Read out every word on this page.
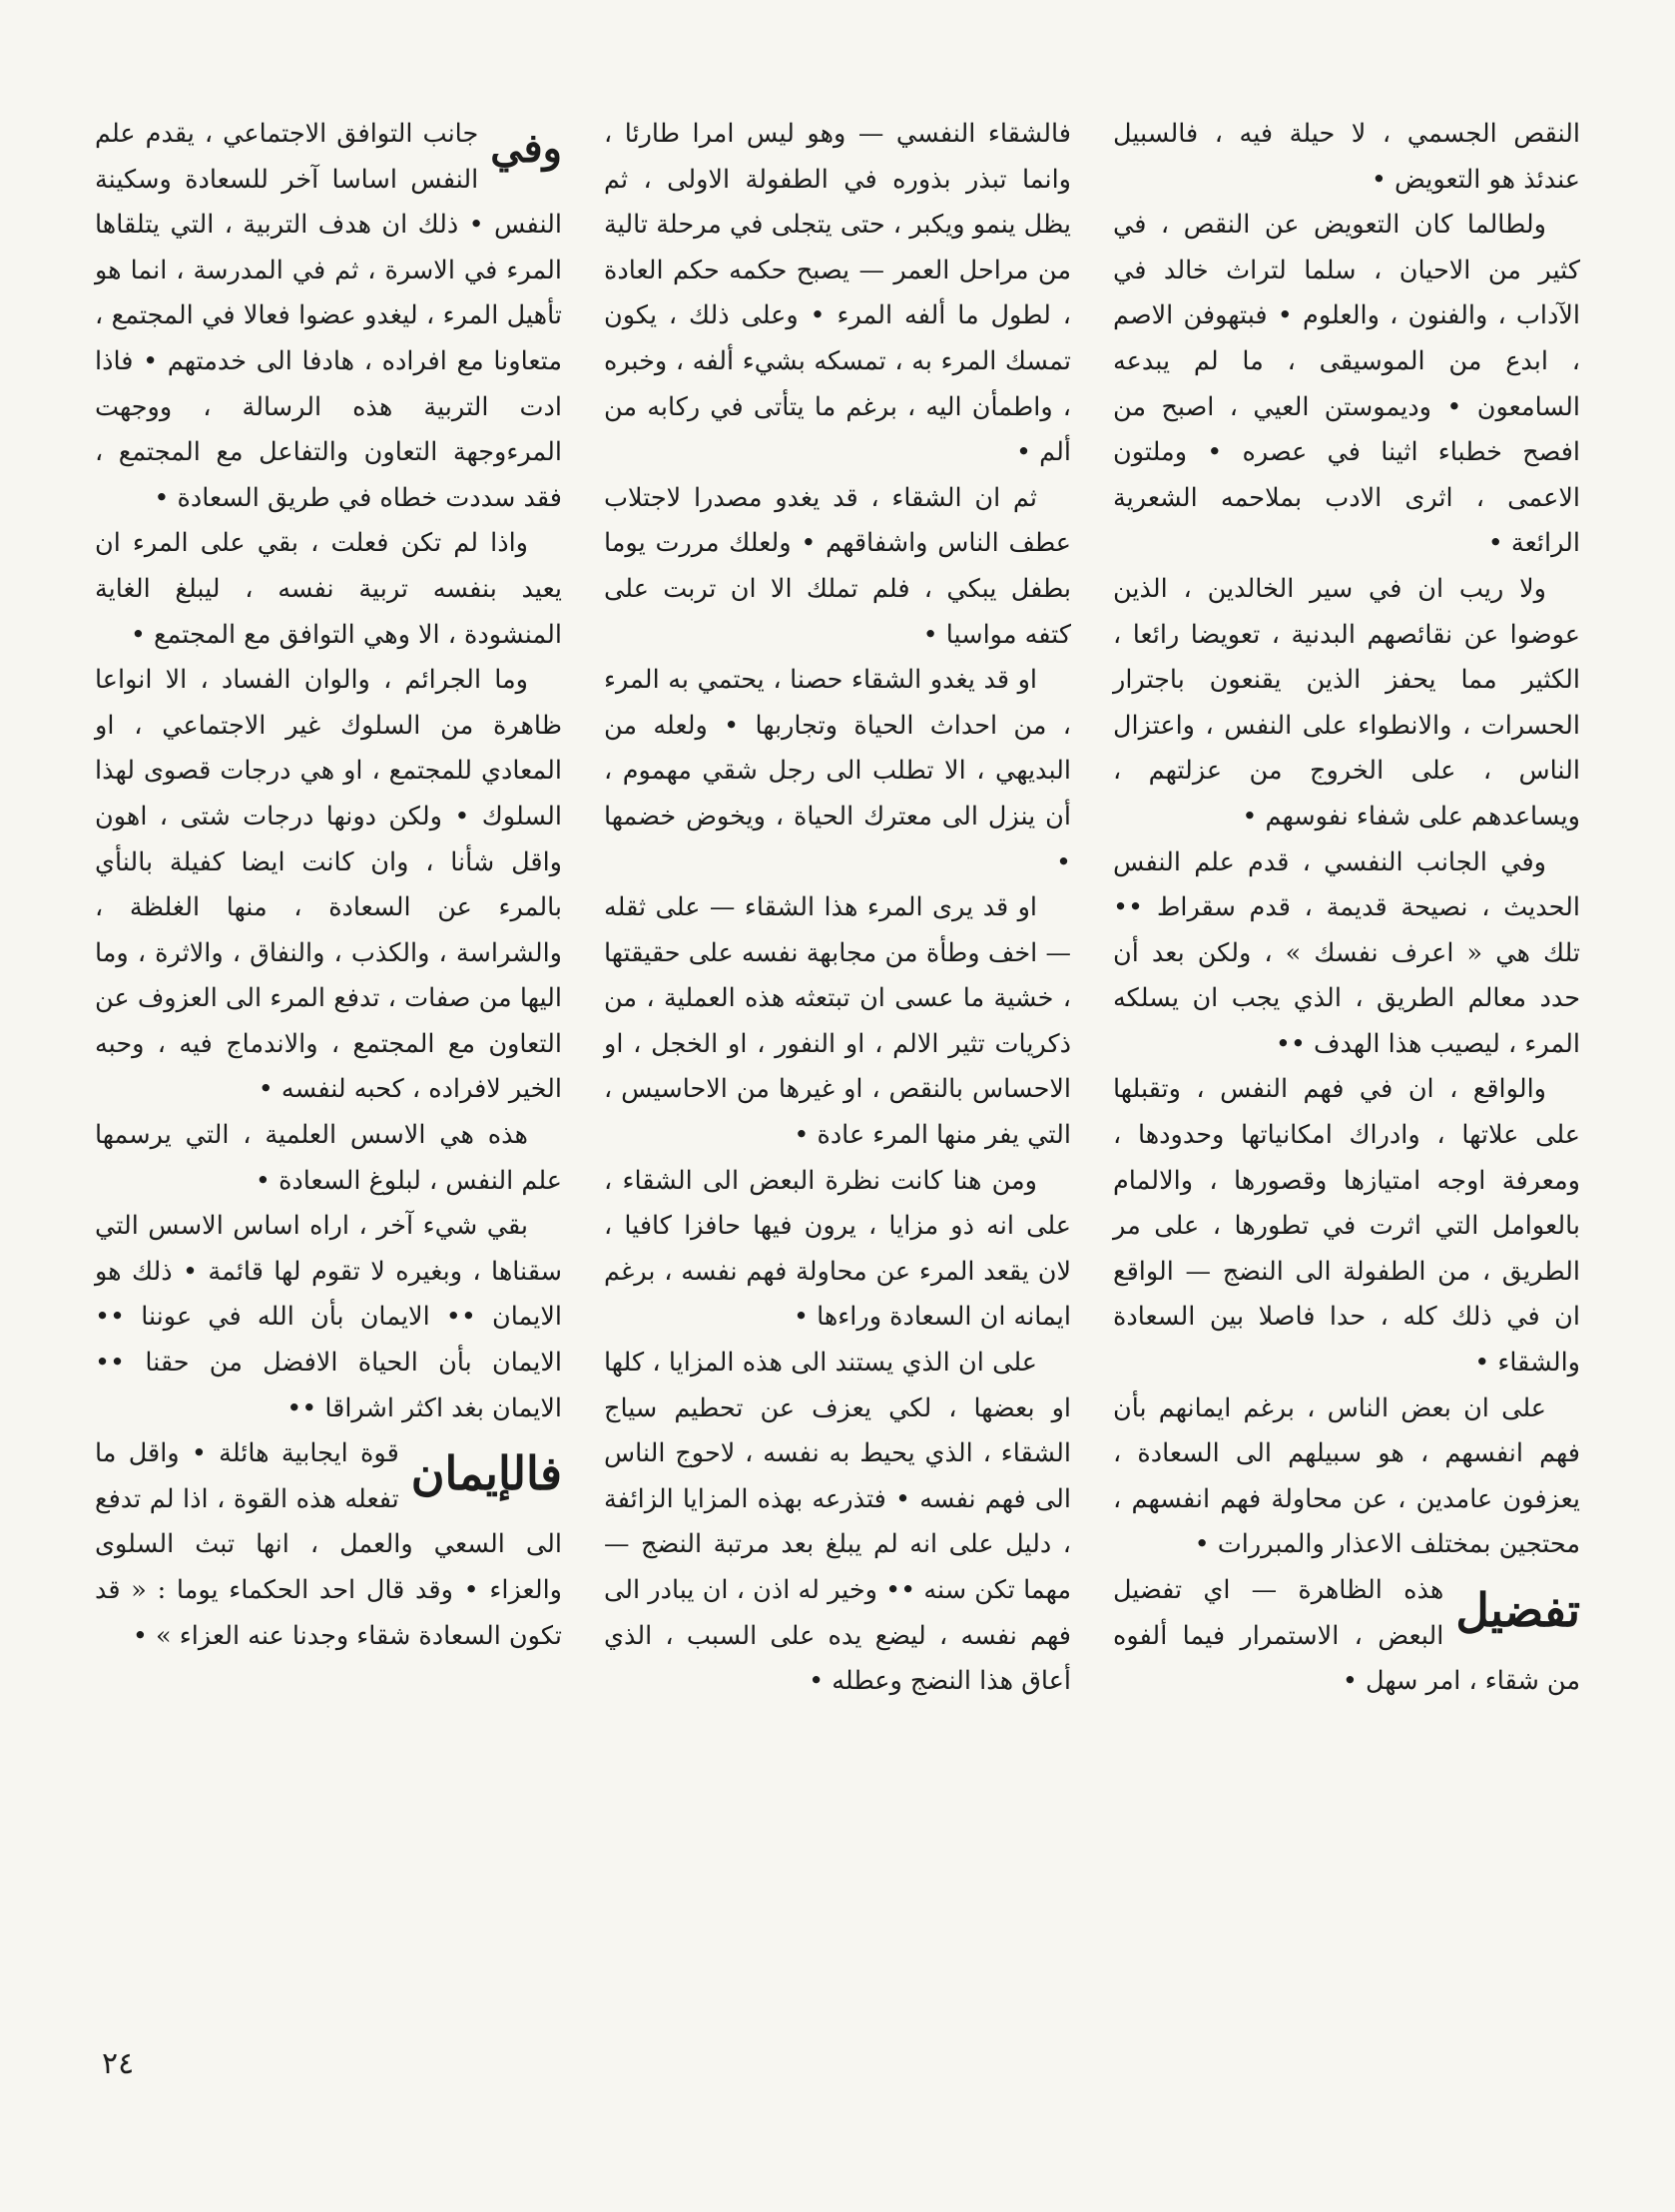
النقص الجسمي ، لا حيلة فيه ، فالسبيل عندئذ هو التعويض •

ولطالما كان التعويض عن النقص ، في كثير من الاحيان ، سلما لتراث خالد في الآداب ، والفنون ، والعلوم • فبتهوفن الاصم ، ابدع من الموسيقى ، ما لم يبدعه السامعون • وديموستن العيي ، اصبح من افصح خطباء اثينا في عصره • وملتون الاعمى ، اثرى الادب بملاحمه الشعرية الرائعة •

ولا ريب ان في سير الخالدين ، الذين عوضوا عن نقائصهم البدنية ، تعويضا رائعا ، الكثير مما يحفز الذين يقنعون باجترار الحسرات ، والانطواء على النفس ، واعتزال الناس ، على الخروج من عزلتهم ، ويساعدهم على شفاء نفوسهم •

وفي الجانب النفسي ، قدم علم النفس الحديث ، نصيحة قديمة ، قدم سقراط •• تلك هي « اعرف نفسك » ، ولكن بعد أن حدد معالم الطريق ، الذي يجب ان يسلكه المرء ، ليصيب هذا الهدف ••

والواقع ، ان في فهم النفس ، وتقبلها على علاتها ، وادراك امكانياتها وحدودها ، ومعرفة اوجه امتيازها وقصورها ، والالمام بالعوامل التي اثرت في تطورها ، على مر الطريق ، من الطفولة الى النضج — الواقع ان في ذلك كله ، حدا فاصلا بين السعادة والشقاء •

على ان بعض الناس ، برغم ايمانهم بأن فهم انفسهم ، هو سبيلهم الى السعادة ، يعزفون عامدين ، عن محاولة فهم انفسهم ، محتجين بمختلف الاعذار والمبررات •

تفضيل
هذه الظاهرة — اي تفضيل البعض ، الاستمرار فيما ألفوه من شقاء ، امر سهل •

فالشقاء النفسي — وهو ليس امرا طارئا ، وانما تبذر بذوره في الطفولة الاولى ، ثم يظل ينمو ويكبر ، حتى يتجلى في مرحلة تالية من مراحل العمر — يصبح حكمه حكم العادة ، لطول ما ألفه المرء • وعلى ذلك ، يكون تمسك المرء به ، تمسكه بشيء ألفه ، وخبره ، واطمأن اليه ، برغم ما يتأتى في ركابه من ألم •

ثم ان الشقاء ، قد يغدو مصدرا لاجتلاب عطف الناس واشفاقهم • ولعلك مررت يوما بطفل يبكي ، فلم تملك الا ان تربت على كتفه مواسيا •

او قد يغدو الشقاء حصنا ، يحتمي به المرء ، من احداث الحياة وتجاربها • ولعله من البديهي ، الا تطلب الى رجل شقي مهموم ، أن ينزل الى معترك الحياة ، ويخوض خضمها •

او قد يرى المرء هذا الشقاء — على ثقله — اخف وطأة من مجابهة نفسه على حقيقتها ، خشية ما عسى ان تبتعثه هذه العملية ، من ذكريات تثير الالم ، او النفور ، او الخجل ، او الاحساس بالنقص ، او غيرها من الاحاسيس ، التي يفر منها المرء عادة •

ومن هنا كانت نظرة البعض الى الشقاء ، على انه ذو مزايا ، يرون فيها حافزا كافيا ، لان يقعد المرء عن محاولة فهم نفسه ، برغم ايمانه ان السعادة وراءها •

على ان الذي يستند الى هذه المزايا ، كلها او بعضها ، لكي يعزف عن تحطيم سياج الشقاء ، الذي يحيط به نفسه ، لاحوج الناس الى فهم نفسه • فتذرعه بهذه المزايا الزائفة ، دليل على انه لم يبلغ بعد مرتبة النضج — مهما تكن سنه •• وخير له اذن ، ان يبادر الى فهم نفسه ، ليضع يده على السبب ، الذي أعاق هذا النضج وعطله •

وفي
جانب التوافق الاجتماعي ، يقدم علم النفس اساسا آخر للسعادة وسكينة النفس • ذلك ان هدف التربية ، التي يتلقاها المرء في الاسرة ، ثم في المدرسة ، انما هو تأهيل المرء ، ليغدو عضوا فعالا في المجتمع ، متعاونا مع افراده ، هادفا الى خدمتهم • فاذا ادت التربية هذه الرسالة ، ووجهت المرءوجهة التعاون والتفاعل مع المجتمع ، فقد سددت خطاه في طريق السعادة •

واذا لم تكن فعلت ، بقي على المرء ان يعيد بنفسه تربية نفسه ، ليبلغ الغاية المنشودة ، الا وهي التوافق مع المجتمع •

وما الجرائم ، والوان الفساد ، الا انواعا ظاهرة من السلوك غير الاجتماعي ، او المعادي للمجتمع ، او هي درجات قصوى لهذا السلوك • ولكن دونها درجات شتى ، اهون واقل شأنا ، وان كانت ايضا كفيلة بالنأي بالمرء عن السعادة ، منها الغلظة ، والشراسة ، والكذب ، والنفاق ، والاثرة ، وما اليها من صفات ، تدفع المرء الى العزوف عن التعاون مع المجتمع ، والاندماج فيه ، وحبه الخير لافراده ، كحبه لنفسه •

هذه هي الاسس العلمية ، التي يرسمها علم النفس ، لبلوغ السعادة •

بقي شيء آخر ، اراه اساس الاسس التي سقناها ، وبغيره لا تقوم لها قائمة • ذلك هو الايمان •• الايمان بأن الله في عوننا •• الايمان بأن الحياة الافضل من حقنا •• الايمان بغد اكثر اشراقا ••

فالإيمان
قوة ايجابية هائلة • واقل ما تفعله هذه القوة ، اذا لم تدفع الى السعي والعمل ، انها تبث السلوى والعزاء • وقد قال احد الحكماء يوما : « قد تكون السعادة شقاء وجدنا عنه العزاء » •

٢٤
